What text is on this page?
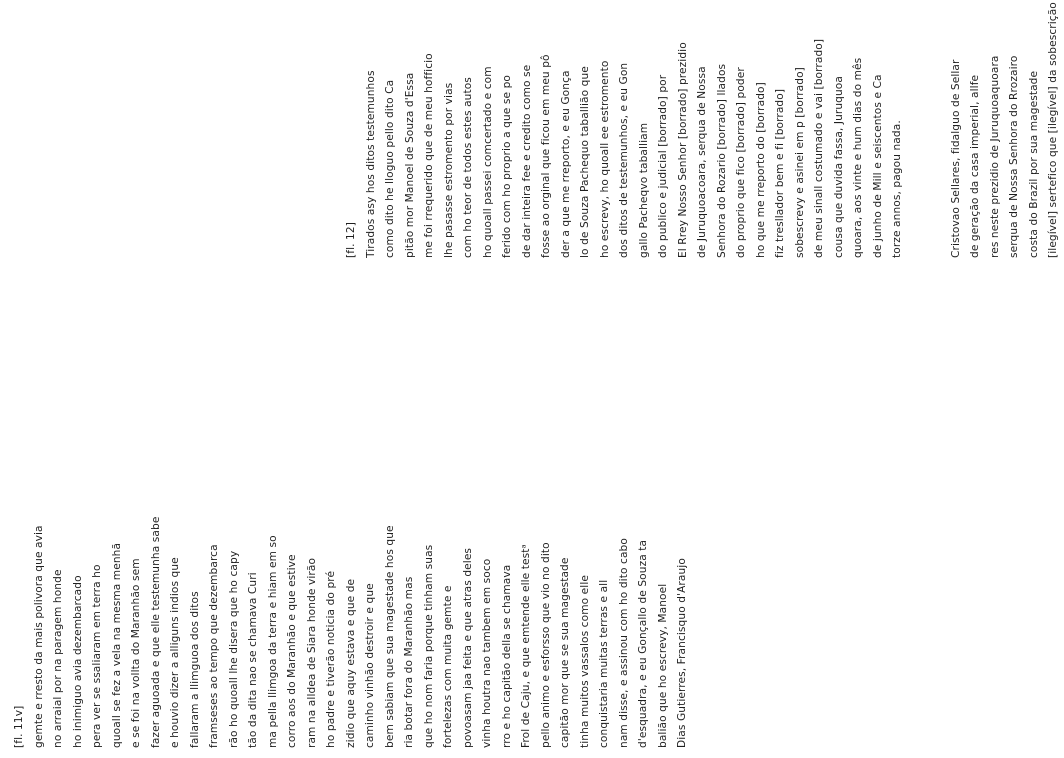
[fl. 11v] gemte e rresto da mais polivora que avia no arraial por na paragem honde ho inimiguo avia dezembarcado pera ver se ssaliaram em terra ho quoall se fez a vela na mesma menhã e se foi na vollta do Maranhão sem fazer aguoada e que elle testemunha sabe e houvio dizer a alliguns indios que fallaram a llimguoa dos ditos framseses ao tempo que dezembarca rão ho quoall lhe disera que ho capy tão da dita nao se chamava Curi ma pella llimgoa da terra e hiam em so corro aos do Maranhão e que estive ram na alldea de Siara honde virão ho padre e tiverão noticia do pré zidio que aquy estava e que de caminho vinhão destroir e que bem sabiam que sua magestade hos que ria botar fora do Maranhão mas que ho nom faria porque tinham suas fortelezas com muita gemte e povoasam jaa feita e que atras deles vinha houtra nao tambem em soco rro e ho capitão della se chamava Frol de Caju, e que emtende elle testᵃ pello animo e esforsso que vio no dito capitão mor que se sua magestade tinha muitos vassalos como elle conquistaria muitas terras e all nam disse, e assinou com ho dito cabo d'esquadra, e eu Gonçallo de Souza ta balião que ho escrevy, Manoel Dias Gutierres, Francisquo d'Araujo
[fl. 12] Tirados asy hos ditos testemunhos como dito he lloguo pello dito Ca pitão mor Manoel de Souza d'Essa me foi rrequerido que de meu hofficio lhe pasasse estromento por vias com ho teor de todos estes autos ho quoall passei comcertado e com ferido com ho proprio a que se po de dar inteira fee e credito como se fosse ao orginal que ficou em meu pô der a que me rreporto, e eu Gonça lo de Souza Pachequo taballião que ho escrevy, ho quoall ee estromento dos ditos de testemunhos, e eu Gon gallo Pacheqvo taballiam do publico e judicial [borrado] por El Rrey Nosso Senhor [borrado] prezidio de Juruquoacoara, serqua de Nossa Senhora do Rozario [borrado] llados do proprio que fico [borrado] poder ho que me rreporto do [borrado] fiz tresllador bem e fi [borrado] sobescrevy e asinei em p [borrado] de meu sinall costumado e vai [borrado] cousa que duvida fassa, Juruquoa quoara, aos vinte e hum dias do mês de junho de Mill e seiscentos e Ca torze annos, pagou nada.	Cristovao Sellares, fidalguo de Sellar de geração da casa imperial, allfe res neste prezidio de Juruquoaquoara serqua de Nossa Senhora do Rrozairo costa do Brazil por sua magestade [ilegível] sertefico que [ilegível] da sobescrição
